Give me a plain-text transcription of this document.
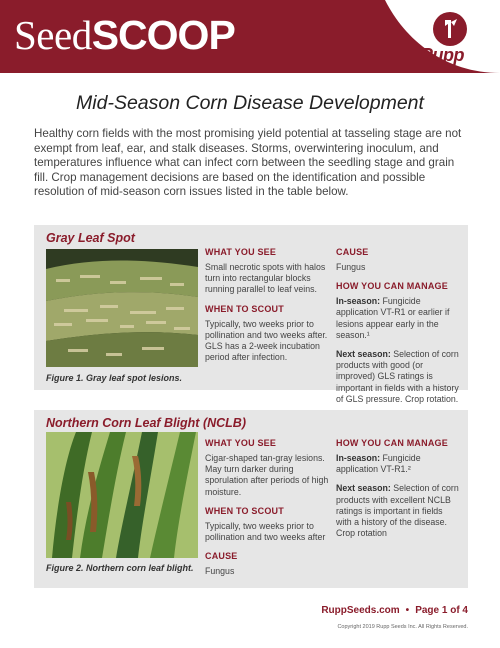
SeedSCOOP	Rupp
Mid-Season Corn Disease Development
Healthy corn fields with the most promising yield potential at tasseling stage are not exempt from leaf, ear, and stalk diseases. Storms, overwintering inoculum, and temperatures influence what can infect corn between the seedling stage and grain fill. Crop management decisions are based on the identification and possible resolution of mid-season corn issues listed in the table below.
Gray Leaf Spot
Figure 1. Gray leaf spot lesions.
WHAT YOU SEE
Small necrotic spots with halos turn into rectangular blocks running parallel to leaf veins.
WHEN TO SCOUT
Typically, two weeks prior to pollination and two weeks after. GLS has a 2-week incubation period after infection.
CAUSE
Fungus
HOW YOU CAN MANAGE
In-season: Fungicide application VT-R1 or earlier if lesions appear early in the season.¹
Next season: Selection of corn products with good (or improved) GLS ratings is important in fields with a history of GLS pressure. Crop rotation.
Northern Corn Leaf Blight (NCLB)
Figure 2. Northern corn leaf blight.
WHAT YOU SEE
Cigar-shaped tan-gray lesions. May turn darker during sporulation after periods of high moisture.
WHEN TO SCOUT
Typically, two weeks prior to pollination and two weeks after
CAUSE
Fungus
HOW YOU CAN MANAGE
In-season: Fungicide application VT-R1.²
Next season: Selection of corn products with excellent NCLB ratings is important in fields with a history of the disease. Crop rotation
RuppSeeds.com • Page 1 of 4
Copyright 2019 Rupp Seeds Inc. All Rights Reserved.
